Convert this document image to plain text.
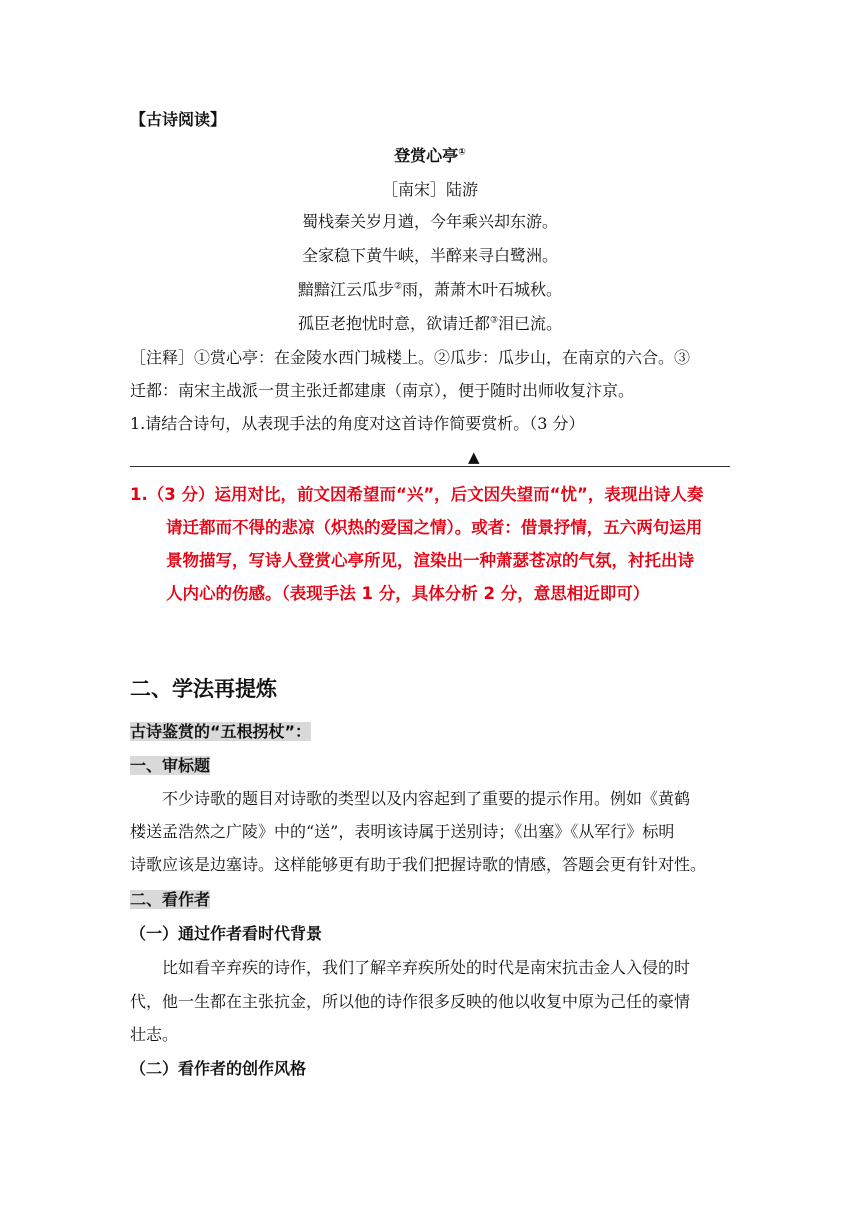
【古诗阅读】
登赏心亭①
［南宋］陆游
蜀栈秦关岁月遒，今年乘兴却东游。
全家稳下黄牛峡，半醉来寻白鹭洲。
黯黯江云瓜步②雨，萧萧木叶石城秋。
孤臣老抱忧时意，欲请迁都③泪已流。
［注释］①赏心亭：在金陵水西门城楼上。②瓜步：瓜步山，在南京的六合。③
迁都：南宋主战派一贯主张迁都建康（南京），便于随时出师收复汴京。
1.请结合诗句，从表现手法的角度对这首诗作简要赏析。（3 分）
▲
1.（3 分）运用对比，前文因希望而“兴”，后文因失望而“忧”，表现出诗人奏
请迁都而不得的悲凉（炽热的爱国之情）。或者：借景抒情，五六两句运用
景物描写，写诗人登赏心亭所见，渲染出一种萧瑟苍凉的气氛，衬托出诗
人内心的伤感。（表现手法 1 分，具体分析 2 分，意思相近即可）
二、学法再提炼
古诗鉴赏的“五根拐杖”：
一、审标题
不少诗歌的题目对诗歌的类型以及内容起到了重要的提示作用。例如《黄鹤
楼送孟浩然之广陵》中的“送”，表明该诗属于送别诗；《出塞》《从军行》标明
诗歌应该是边塞诗。这样能够更有助于我们把握诗歌的情感，答题会更有针对性。
二、看作者
（一）通过作者看时代背景
比如看辛弃疾的诗作，我们了解辛弃疾所处的时代是南宋抗击金人入侵的时
代，他一生都在主张抗金，所以他的诗作很多反映的他以收复中原为己任的豪情
壮志。
（二）看作者的创作风格
